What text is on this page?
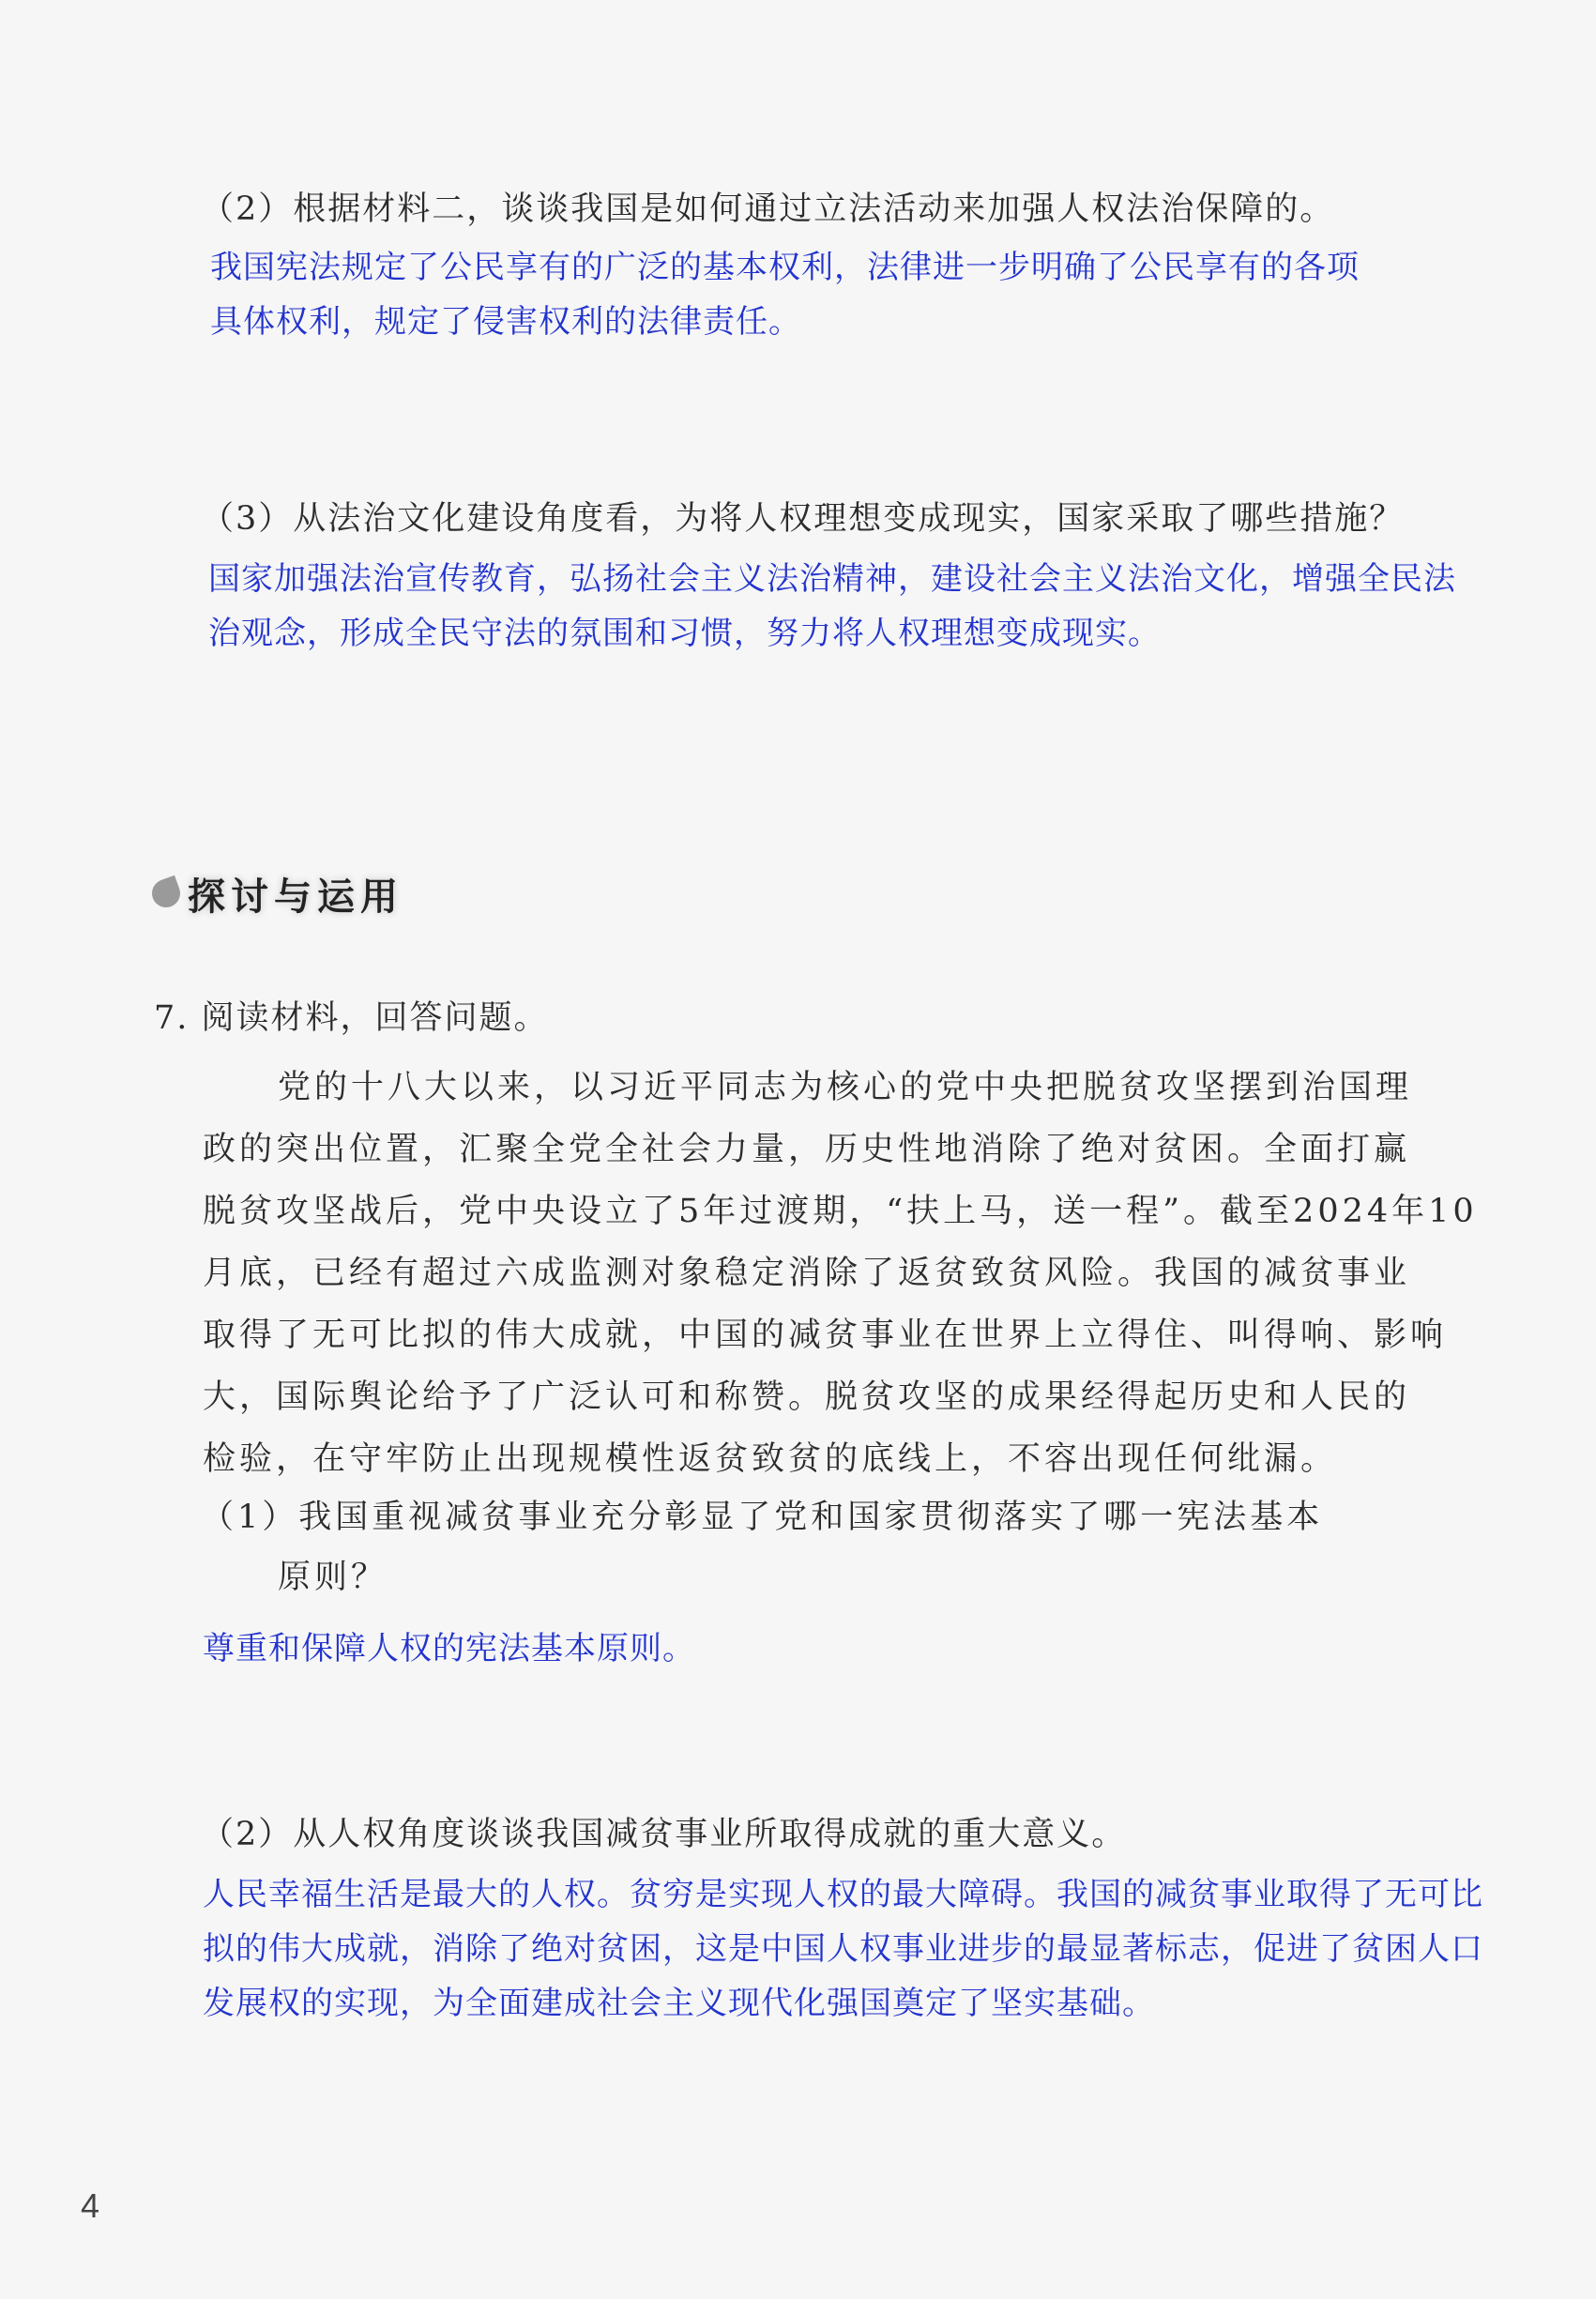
（2）根据材料二，谈谈我国是如何通过立法活动来加强人权法治保障的。
我国宪法规定了公民享有的广泛的基本权利，法律进一步明确了公民享有的各项
具体权利，规定了侵害权利的法律责任。
（3）从法治文化建设角度看，为将人权理想变成现实，国家采取了哪些措施？
国家加强法治宣传教育，弘扬社会主义法治精神，建设社会主义法治文化，增强全民法
治观念，形成全民守法的氛围和习惯，努力将人权理想变成现实。
探讨与运用
7. 阅读材料，回答问题。
党的十八大以来，以习近平同志为核心的党中央把脱贫攻坚摆到治国理
政的突出位置，汇聚全党全社会力量，历史性地消除了绝对贫困。全面打赢
脱贫攻坚战后，党中央设立了5年过渡期，“扶上马，送一程”。截至2024年10
月底，已经有超过六成监测对象稳定消除了返贫致贫风险。我国的减贫事业
取得了无可比拟的伟大成就，中国的减贫事业在世界上立得住、叫得响、影响
大，国际舆论给予了广泛认可和称赞。脱贫攻坚的成果经得起历史和人民的
检验，在守牢防止出现规模性返贫致贫的底线上，不容出现任何纰漏。
（1）我国重视减贫事业充分彰显了党和国家贯彻落实了哪一宪法基本
原则？
尊重和保障人权的宪法基本原则。
（2）从人权角度谈谈我国减贫事业所取得成就的重大意义。
人民幸福生活是最大的人权。贫穷是实现人权的最大障碍。我国的减贫事业取得了无可比
拟的伟大成就，消除了绝对贫困，这是中国人权事业进步的最显著标志，促进了贫困人口
发展权的实现，为全面建成社会主义现代化强国奠定了坚实基础。
4
